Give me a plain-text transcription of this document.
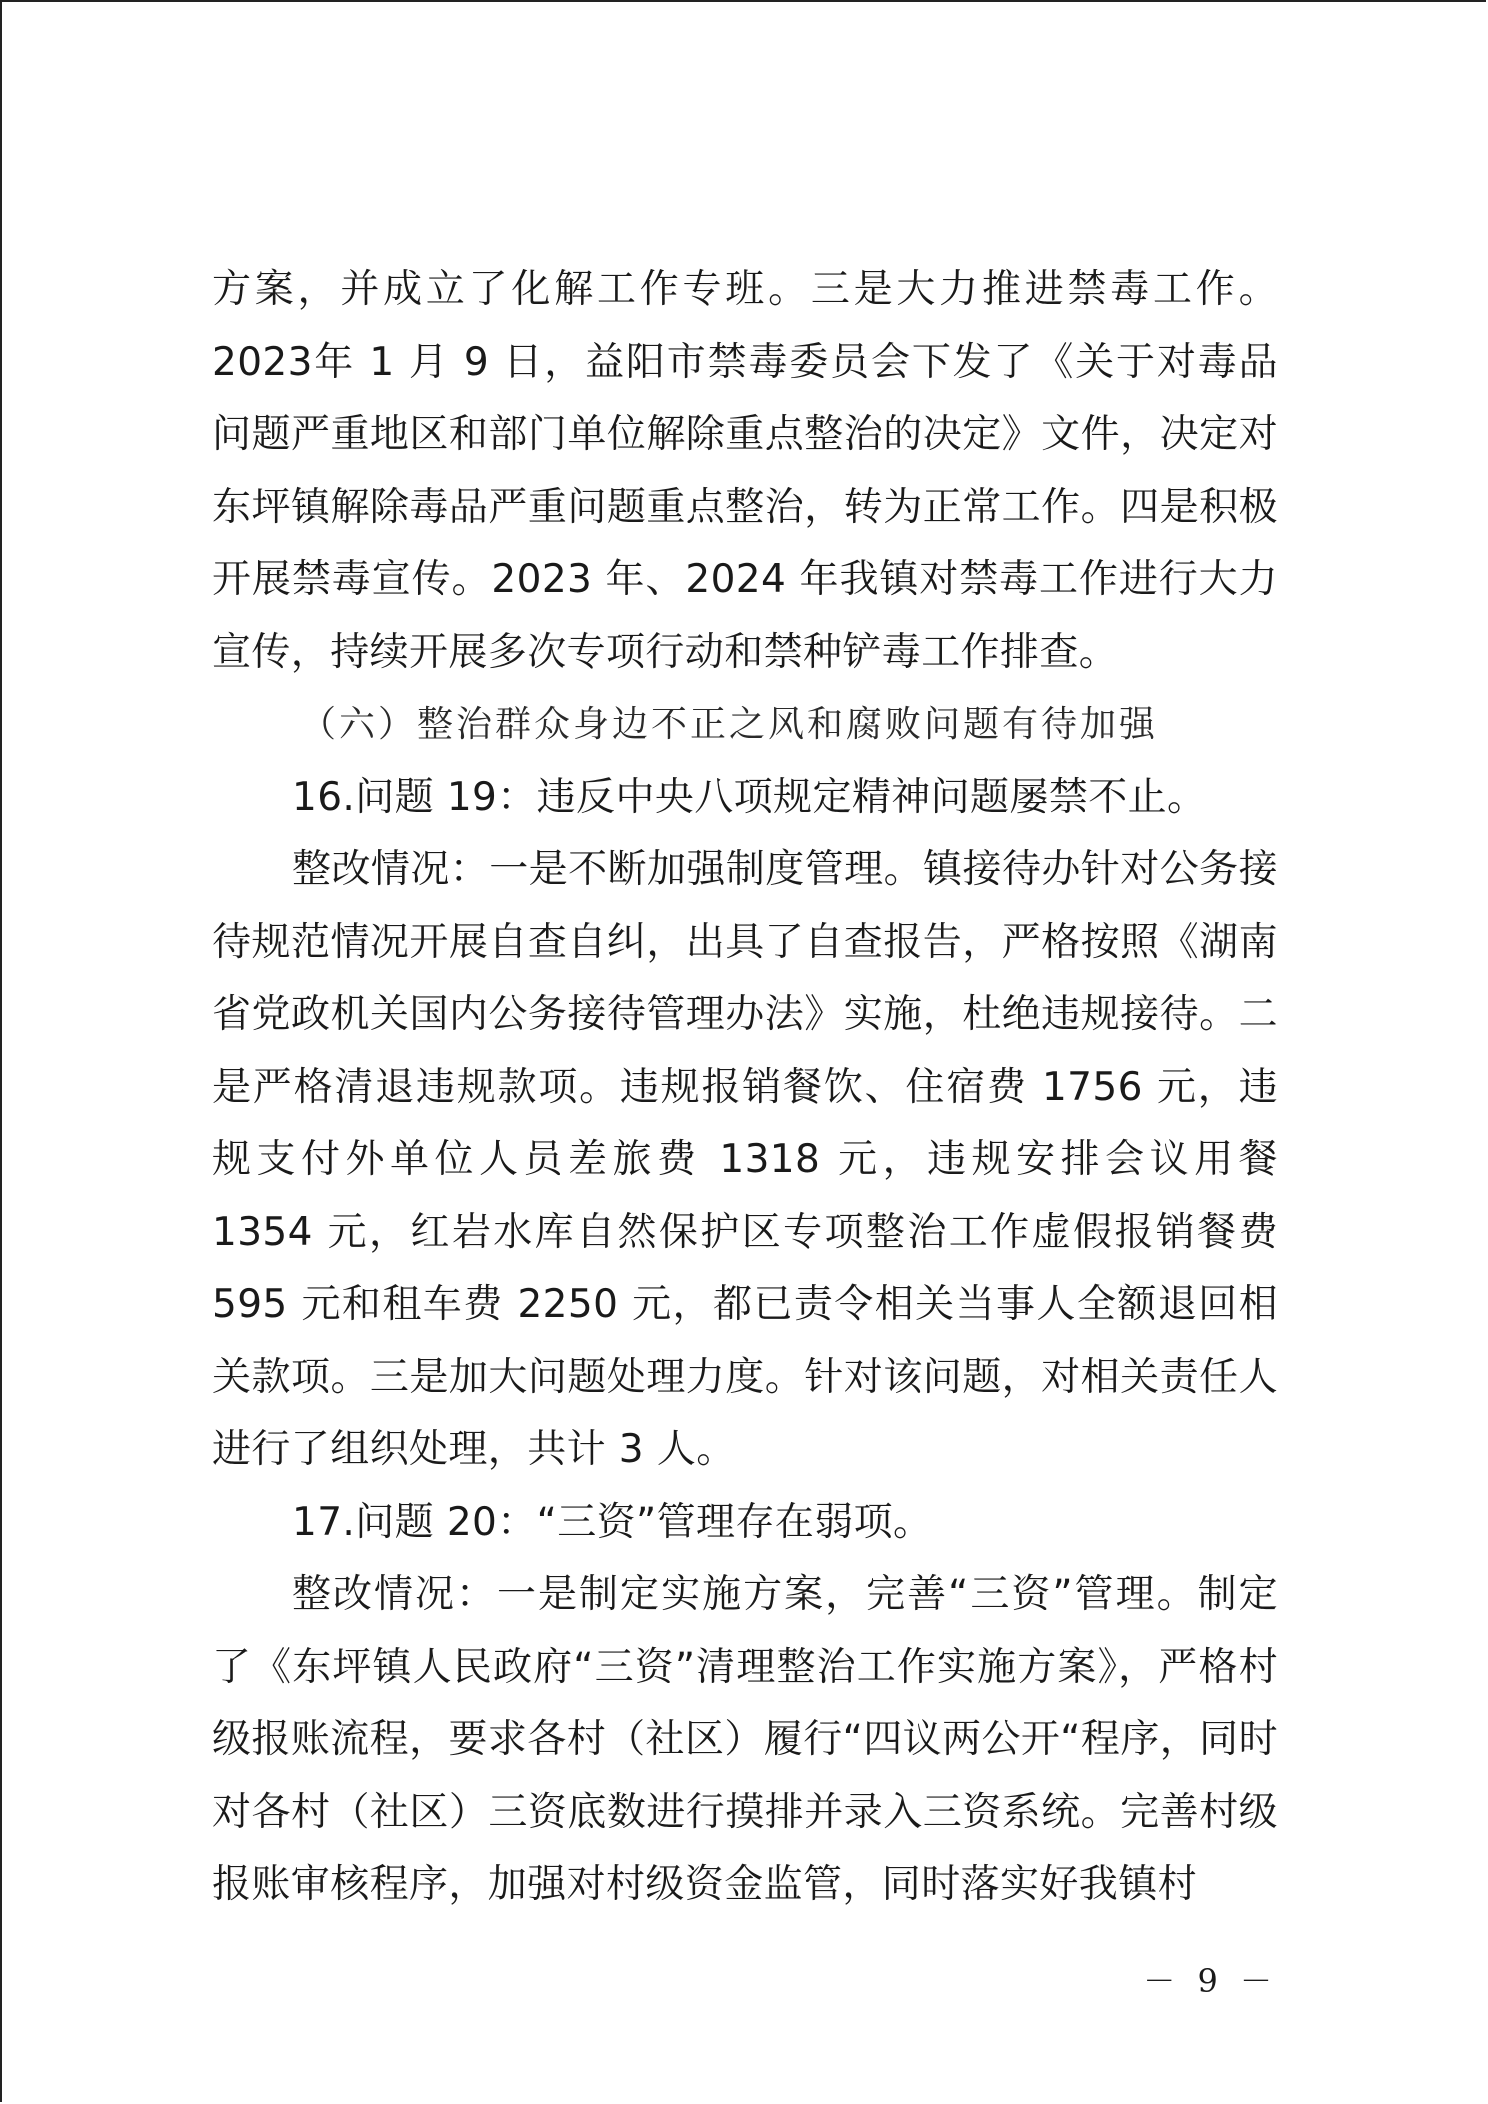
方案，并成立了化解工作专班。三是大力推进禁毒工作。2023年 1 月 9 日，益阳市禁毒委员会下发了《关于对毒品问题严重地区和部门单位解除重点整治的决定》文件，决定对东坪镇解除毒品严重问题重点整治，转为正常工作。四是积极开展禁毒宣传。2023 年、2024 年我镇对禁毒工作进行大力宣传，持续开展多次专项行动和禁种铲毒工作排查。

（六）整治群众身边不正之风和腐败问题有待加强

16.问题 19：违反中央八项规定精神问题屡禁不止。

整改情况：一是不断加强制度管理。镇接待办针对公务接待规范情况开展自查自纠，出具了自查报告，严格按照《湖南省党政机关国内公务接待管理办法》实施，杜绝违规接待。二是严格清退违规款项。违规报销餐饮、住宿费 1756 元，违规支付外单位人员差旅费 1318 元，违规安排会议用餐 1354 元，红岩水库自然保护区专项整治工作虚假报销餐费 595 元和租车费 2250 元，都已责令相关当事人全额退回相关款项。三是加大问题处理力度。针对该问题，对相关责任人进行了组织处理，共计 3 人。

17.问题 20：“三资”管理存在弱项。

整改情况：一是制定实施方案，完善“三资”管理。制定了《东坪镇人民政府“三资”清理整治工作实施方案》，严格村级报账流程，要求各村（社区）履行“四议两公开“程序，同时对各村（社区）三资底数进行摸排并录入三资系统。完善村级报账审核程序，加强对村级资金监管，同时落实好我镇村

－ 9 －
